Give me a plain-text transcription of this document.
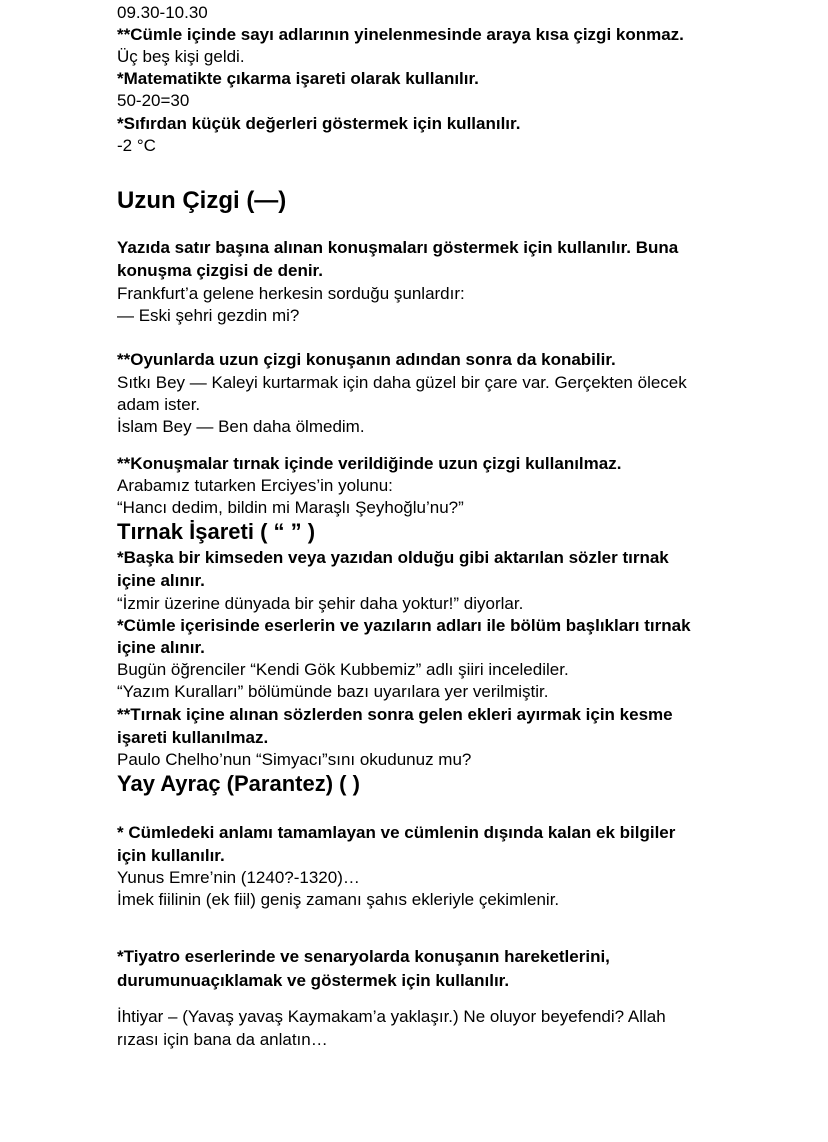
09.30-10.30
**Cümle içinde sayı adlarının yinelenmesinde araya kısa çizgi konmaz.
Üç beş kişi geldi.
*Matematikte çıkarma işareti olarak kullanılır.
50-20=30
*Sıfırdan küçük değerleri göstermek için kullanılır.
-2 °C
Uzun Çizgi (—)
Yazıda satır başına alınan konuşmaları göstermek için kullanılır. Buna
konuşma çizgisi de denir.
Frankfurt’a gelene herkesin sorduğu şunlardır:
— Eski şehri gezdin mi?
**Oyunlarda uzun çizgi konuşanın adından sonra da konabilir.
Sıtkı Bey — Kaleyi kurtarmak için daha güzel bir çare var. Gerçekten ölecek
adam ister.
İslam Bey — Ben daha ölmedim.
**Konuşmalar tırnak içinde verildiğinde uzun çizgi kullanılmaz.
Arabamız tutarken Erciyes’in yolunu:
“Hancı dedim, bildin mi Maraşlı Şeyhoğlu’nu?”
Tırnak İşareti ( “ ” )
*Başka bir kimseden veya yazıdan olduğu gibi aktarılan sözler tırnak
içine alınır.
“İzmir üzerine dünyada bir şehir daha yoktur!” diyorlar.
*Cümle içerisinde eserlerin ve yazıların adları ile bölüm başlıkları tırnak
içine alınır.
Bugün öğrenciler “Kendi Gök Kubbemiz” adlı şiiri incelediler.
“Yazım Kuralları” bölümünde bazı uyarılara yer verilmiştir.
**Tırnak içine alınan sözlerden sonra gelen ekleri ayırmak için kesme
işareti kullanılmaz.
Paulo Chelho’nun “Simyacı”sını okudunuz mu?
Yay Ayraç (Parantez) ( )
* Cümledeki anlamı tamamlayan ve cümlenin dışında kalan ek bilgiler
için kullanılır.
Yunus Emre’nin (1240?-1320)…
İmek fiilinin (ek fiil) geniş zamanı şahıs ekleriyle çekimlenir.
*Tiyatro eserlerinde ve senaryolarda konuşanın hareketlerini,
durumunuaçıklamak ve göstermek için kullanılır.
İhtiyar – (Yavaş yavaş Kaymakam’a yaklaşır.) Ne oluyor beyefendi? Allah
rızası için bana da anlatın…
